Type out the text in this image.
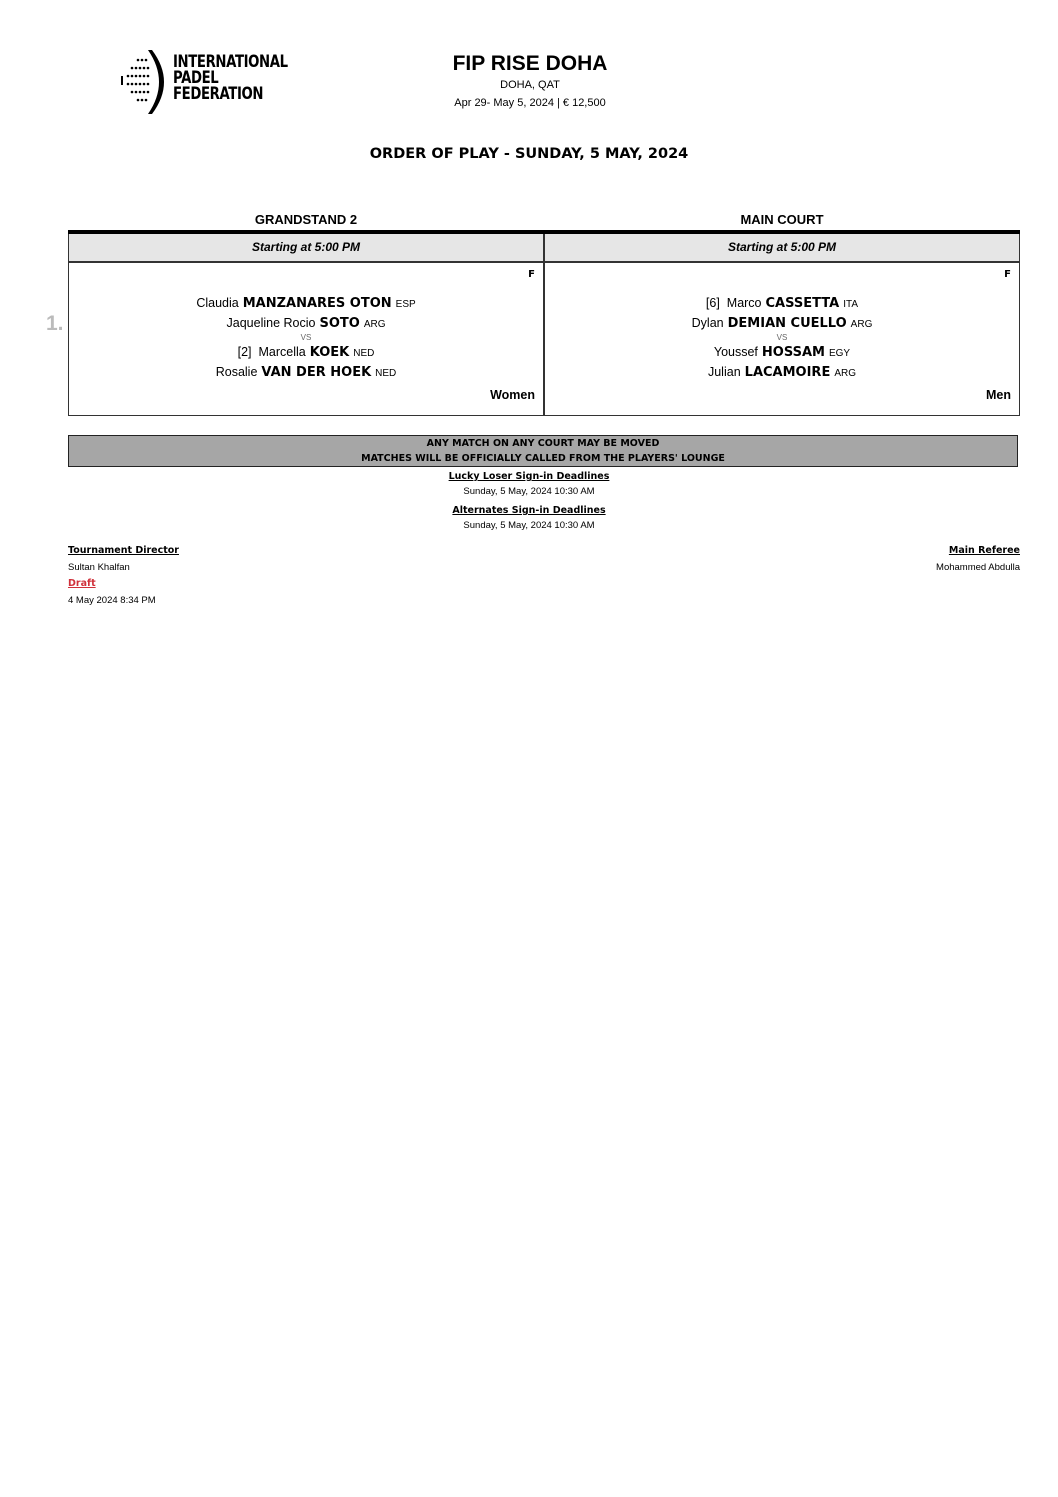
INTERNATIONAL
PADEL
FEDERATION
FIP RISE DOHA
DOHA, QAT
Apr 29- May 5, 2024 | € 12,500
ORDER OF PLAY - SUNDAY, 5 MAY, 2024
1.
GRANDSTAND 2	MAIN COURT
Starting at 5:00 PM
F
Claudia MANZANARES OTON ESP
Jaqueline Rocio SOTO ARG
VS
[2] Marcella KOEK NED
Rosalie VAN DER HOEK NED
Women
Starting at 5:00 PM
F
[6] Marco CASSETTA ITA
Dylan DEMIAN CUELLO ARG
VS
Youssef HOSSAM EGY
Julian LACAMOIRE ARG
Men
ANY MATCH ON ANY COURT MAY BE MOVED
MATCHES WILL BE OFFICIALLY CALLED FROM THE PLAYERS' LOUNGE
Lucky Loser Sign-in Deadlines
Sunday, 5 May, 2024 10:30 AM
Alternates Sign-in Deadlines
Sunday, 5 May, 2024 10:30 AM
Tournament Director
Sultan Khalfan
Draft
4 May 2024 8:34 PM
Main Referee
Mohammed Abdulla
